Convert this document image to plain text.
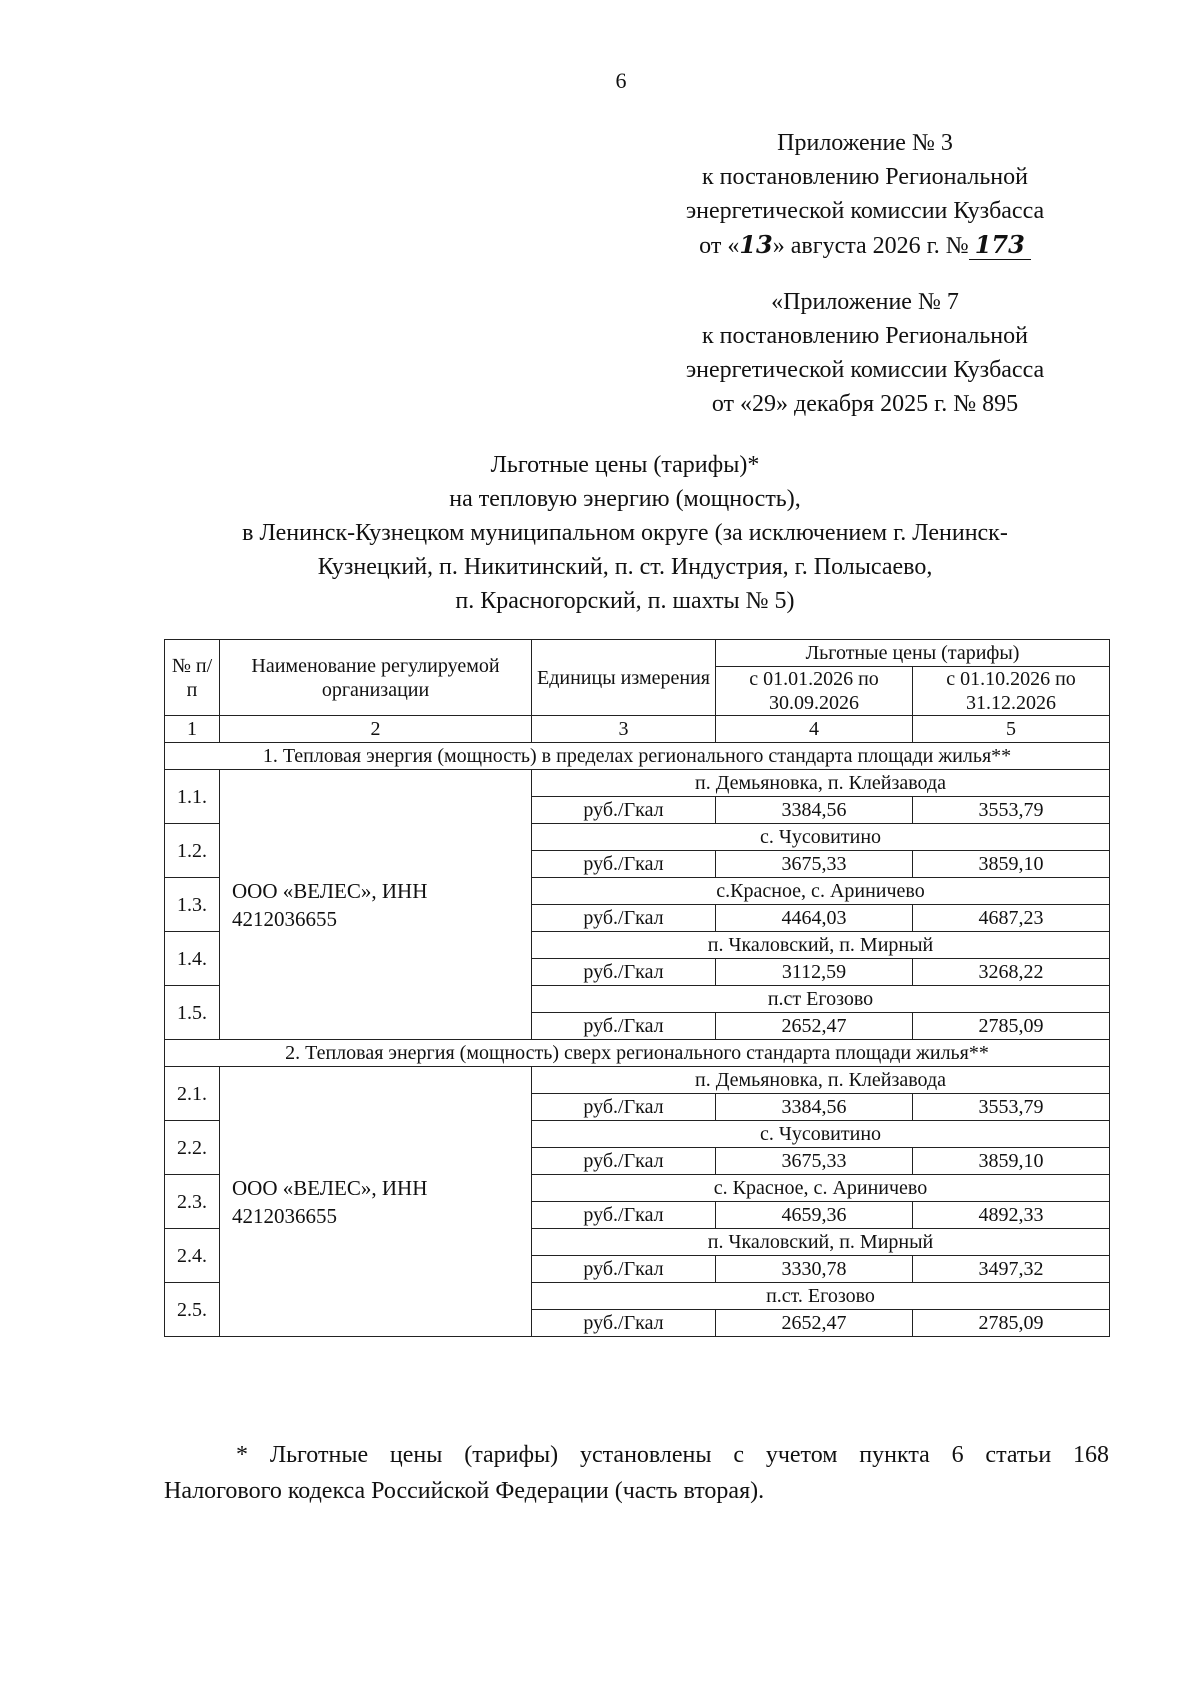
6
Приложение № 3
к постановлению Региональной
энергетической комиссии Кузбасса
от «13» августа 2026 г. № 173
«Приложение № 7
к постановлению Региональной
энергетической комиссии Кузбасса
от «29» декабря 2025 г. № 895
Льготные цены (тарифы)*
на тепловую энергию (мощность),
в Ленинск-Кузнецком муниципальном округе (за исключением г. Ленинск-
Кузнецкий, п. Никитинский, п. ст. Индустрия, г. Полысаево,
п. Красногорский, п. шахты № 5)
№ п/п	Наименование регулируемой организации	Единицы измерения	Льготные цены (тарифы)	
			с 01.01.2026 по 30.09.2026	с 01.10.2026 по 31.12.2026
1	2	3	4	5
1. Тепловая энергия (мощность) в пределах регионального стандарта площади жилья**				
1.1.	ООО «ВЕЛЕС», ИНН 4212036655	п. Демьяновка, п. Клейзавода		
		руб./Гкал	3384,56	3553,79
1.2.		с. Чусовитино		
		руб./Гкал	3675,33	3859,10
1.3.		с.Красное, с. Ариничево		
		руб./Гкал	4464,03	4687,23
1.4.		п. Чкаловский, п. Мирный		
		руб./Гкал	3112,59	3268,22
1.5.		п.ст Егозово		
		руб./Гкал	2652,47	2785,09
2. Тепловая энергия (мощность) сверх регионального стандарта площади жилья**				
2.1.	ООО «ВЕЛЕС», ИНН 4212036655	п. Демьяновка, п. Клейзавода		
		руб./Гкал	3384,56	3553,79
2.2.		с. Чусовитино		
		руб./Гкал	3675,33	3859,10
2.3.		с. Красное, с. Ариничево		
		руб./Гкал	4659,36	4892,33
2.4.		п. Чкаловский, п. Мирный		
		руб./Гкал	3330,78	3497,32
2.5.		п.ст. Егозово		
		руб./Гкал	2652,47	2785,09
* Льготные цены (тарифы) установлены с учетом пункта 6 статьи 168
Налогового кодекса Российской Федерации (часть вторая).
